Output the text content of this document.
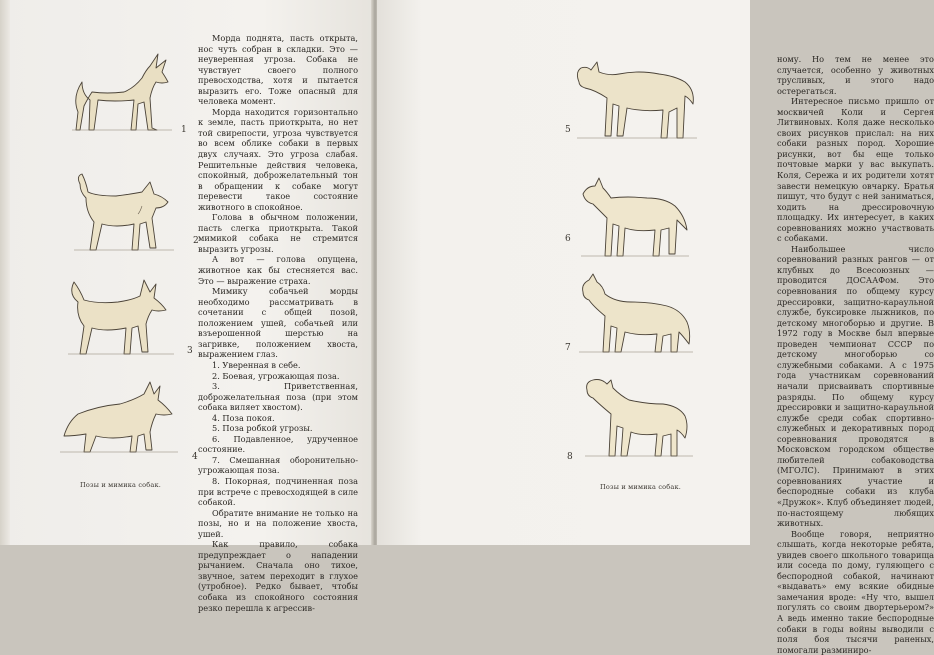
1
2
3
4
Позы и мимика собак.

Морда поднята, пасть открыта, нос чуть собран в складки. Это — неуверенная угроза. Собака не чувствует своего полного превосходства, хотя и пытается выразить его. Тоже опасный для человека момент.

Морда находится горизонтально к земле, пасть приоткрыта, но нет той свирепости, угроза чувствуется во всем облике собаки в первых двух случаях. Это угроза слабая. Решительные действия человека, спокойный, доброжелательный тон в обращении к собаке могут перевести такое состояние животного в спокойное.

Голова в обычном положении, пасть слегка приоткрыта. Такой мимикой собака не стремится выразить угрозы.

А вот — голова опущена, животное как бы стесняется вас. Это — выражение страха.

Мимику собачьей морды необходимо рассматривать в сочетании с общей позой, положением ушей, собачьей или взъерошенной шерстью на загривке, положением хвоста, выражением глаз.

1. Уверенная в себе.

2. Боевая, угрожающая поза.

3. Приветственная, доброжелательная поза (при этом собака виляет хвостом).

4. Поза покоя.

5. Поза робкой угрозы.

6. Подавленное, удрученное состояние.

7. Смешанная оборонительно-угрожающая поза.

8. Покорная, подчиненная поза при встрече с превосходящей в силе собакой.

Обратите внимание не только на позы, но и на положение хвоста, ушей.

Как правило, собака предупреждает о нападении рычанием. Сначала оно тихое, звучное, затем переходит в глухое (утробное). Редко бывает, чтобы собака из спокойного состояния резко перешла к агрессив-

ному. Но тем не менее это случается, особенно у животных трусливых, и этого надо остерегаться.

Интересное письмо пришло от москвичей Коли и Сергея Литвиновых. Коля даже несколько своих рисунков прислал: на них собаки разных пород. Хорошие рисунки, вот бы еще только почтовые марки у вас выкупать. Коля, Сережа и их родители хотят завести немецкую овчарку. Братья пишут, что будут с ней заниматься, ходить на дрессировочную площадку. Их интересует, в каких соревнованиях можно участвовать с собаками.

Наибольшее число соревнований разных рангов — от клубных до Всесоюзных — проводится ДОСААФом. Это соревнования по общему курсу дрессировки, защитно-караульной службе, буксировке лыжников, по детскому многоборью и другие. В 1972 году в Москве был впервые проведен чемпионат СССР по детскому многоборью со служебными собаками. А с 1975 года участникам соревнований начали присваивать спортивные разряды. По общему курсу дрессировки и защитно-караульной службе среди собак спортивно-служебных и декоративных пород соревнования проводятся в Московском городском обществе любителей собаководства (МГОЛС). Принимают в этих соревнованиях участие и беспородные собаки из клуба «Дружок». Клуб объединяет людей, по-настоящему любящих животных.

Вообще говоря, неприятно слышать, когда некоторые ребята, увидев своего школьного товарища или соседа по дому, гуляющего с беспородной собакой, начинают «выдавать» ему всякие обидные замечания вроде: «Ну что, вышел погулять со своим двортерьером?» А ведь именно такие беспородные собаки в годы войны выводили с поля боя тысячи раненых, помогали разминиро-

5
6
7
8
Позы и мимика собак.
